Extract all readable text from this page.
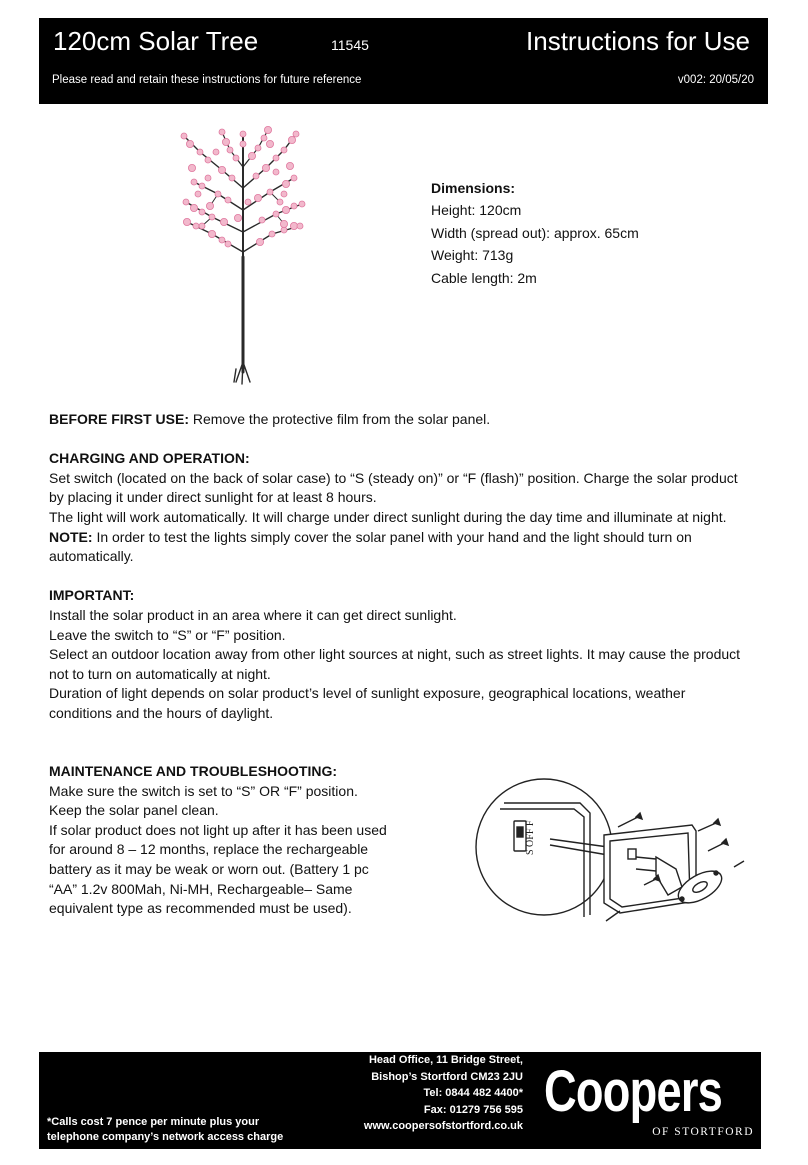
120cm Solar Tree	11545	Instructions for Use
Please read and retain these instructions for future reference	v002: 20/05/20
Dimensions:
Height: 120cm
Width (spread out): approx. 65cm
Weight: 713g
Cable length: 2m

BEFORE FIRST USE: Remove the protective film from the solar panel.

CHARGING AND OPERATION:

Set switch (located on the back of solar case) to “S (steady on)” or “F (flash)” position. Charge the solar product by placing it under direct sunlight for at least 8 hours.

The light will work automatically. It will charge under direct sunlight during the day time and illuminate at night.

NOTE: In order to test the lights simply cover the solar panel with your hand and the light should turn on automatically.

IMPORTANT:

Install the solar product in an area where it can get direct sunlight.

Leave the switch to “S” or “F” position.

Select an outdoor location away from other light sources at night, such as street lights. It may cause the product not to turn on automatically at night.

Duration of light depends on solar product’s level of sunlight exposure, geographical locations, weather conditions and the hours of daylight.

MAINTENANCE AND TROUBLESHOOTING:

Make sure the switch is set to “S” OR “F” position.

Keep the solar panel clean.

If solar product does not light up after it has been used for around 8 – 12 months, replace the rechargeable battery as it may be weak or worn out. (Battery 1 pc “AA” 1.2v 800Mah, Ni-MH, Rechargeable– Same equivalent type as recommended must be used).

S OFF F
Head Office, 11 Bridge Street,
Bishop’s Stortford CM23 2JU
Tel: 0844 482 4400*
Fax: 01279 756 595
www.coopersofstortford.co.uk
*Calls cost 7 pence per minute plus your
telephone company’s network access charge
Coopers
OF STORTFORD
